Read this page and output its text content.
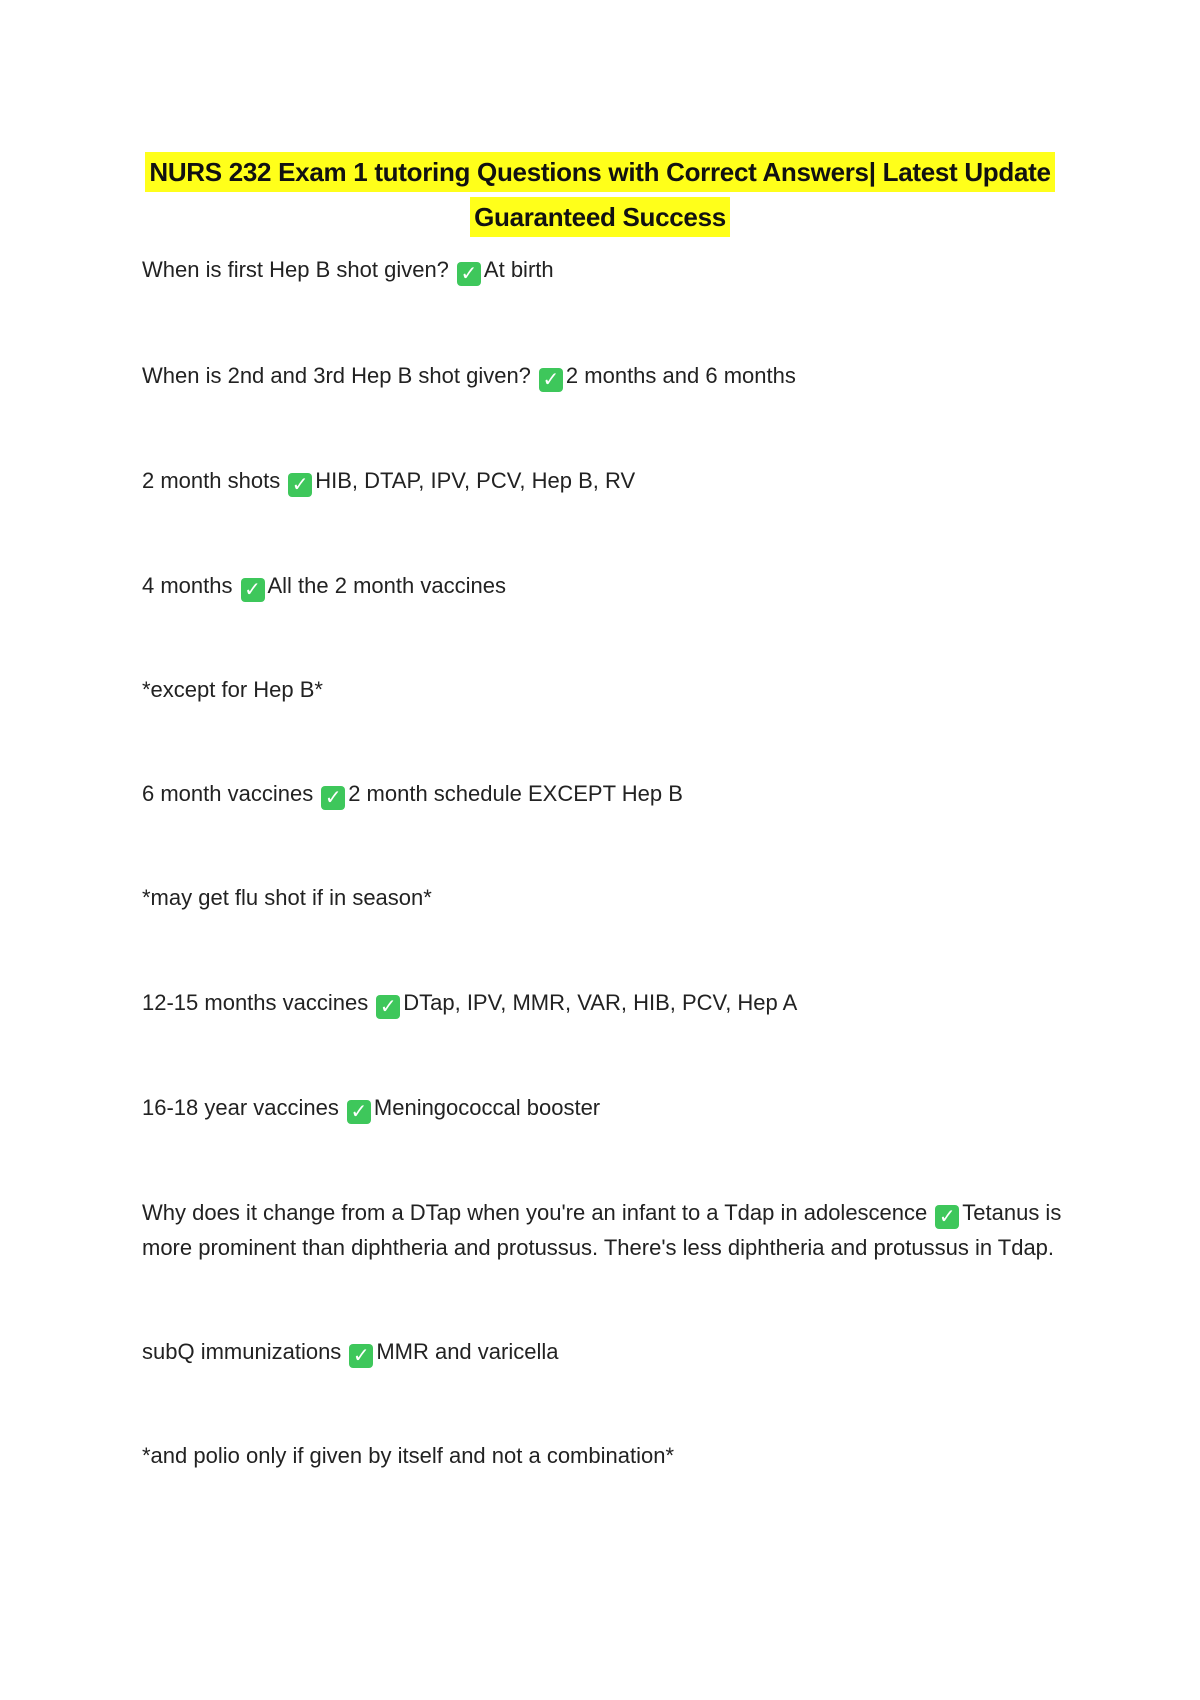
NURS 232 Exam 1 tutoring Questions with Correct Answers| Latest Update
Guaranteed Success
When is first Hep B shot given? ✓ At birth
When is 2nd and 3rd Hep B shot given? ✓ 2 months and 6 months
2 month shots ✓ HIB, DTAP, IPV, PCV, Hep B, RV
4 months ✓ All the 2 month vaccines
*except for Hep B*
6 month vaccines ✓ 2 month schedule EXCEPT Hep B
*may get flu shot if in season*
12-15 months vaccines ✓ DTap, IPV, MMR, VAR, HIB, PCV, Hep A
16-18 year vaccines ✓ Meningococcal booster
Why does it change from a DTap when you're an infant to a Tdap in adolescence ✓ Tetanus is more prominent than diphtheria and protussus. There's less diphtheria and protussus in Tdap.
subQ immunizations ✓ MMR and varicella
*and polio only if given by itself and not a combination*
